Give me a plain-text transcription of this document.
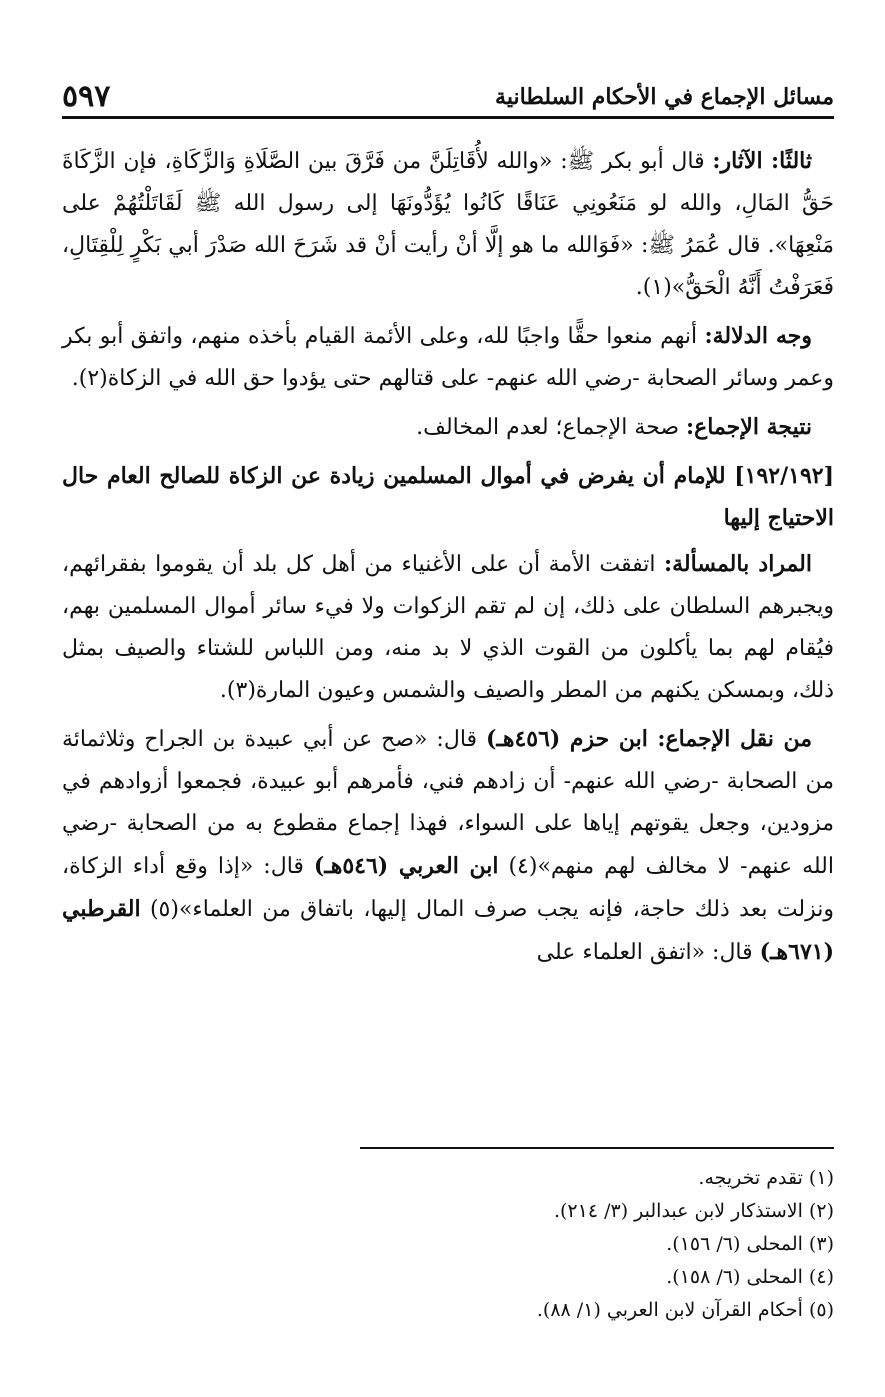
مسائل الإجماع في الأحكام السلطانية
٥٩٧

ثالثًا: الآثار: قال أبو بكر ﷺ: «والله لأُقَاتِلَنَّ من فَرَّقَ بين الصَّلَاةِ وَالزَّكَاةِ، فإن الزَّكَاةَ حَقُّ المَالِ، والله لو مَنَعُونِي عَنَاقًا كَانُوا يُؤَدُّونَهَا إلى رسول الله ﷺ لَقَاتَلْتُهُمْ على مَنْعِهَا». قال عُمَرُ ﷺ: «فَوَالله ما هو إلَّا أنْ رأيت أنْ قد شَرَحَ الله صَدْرَ أبي بَكْرٍ لِلْقِتَالِ، فَعَرَفْتُ أَنَّهُ الْحَقُّ»(١).

وجه الدلالة: أنهم منعوا حقًّا واجبًا لله، وعلى الأئمة القيام بأخذه منهم، واتفق أبو بكر وعمر وسائر الصحابة -رضي الله عنهم- على قتالهم حتى يؤدوا حق الله في الزكاة(٢).

نتيجة الإجماع: صحة الإجماع؛ لعدم المخالف.

[١٩٢/١٩٢] للإمام أن يفرض في أموال المسلمين زيادة عن الزكاة للصالح العام حال الاحتياج إليها

المراد بالمسألة: اتفقت الأمة أن على الأغنياء من أهل كل بلد أن يقوموا بفقرائهم، ويجبرهم السلطان على ذلك، إن لم تقم الزكوات ولا فيء سائر أموال المسلمين بهم، فيُقام لهم بما يأكلون من القوت الذي لا بد منه، ومن اللباس للشتاء والصيف بمثل ذلك، وبمسكن يكنهم من المطر والصيف والشمس وعيون المارة(٣).

من نقل الإجماع: ابن حزم (٤٥٦هـ) قال: «صح عن أبي عبيدة بن الجراح وثلاثمائة من الصحابة -رضي الله عنهم- أن زادهم فني، فأمرهم أبو عبيدة، فجمعوا أزوادهم في مزودين، وجعل يقوتهم إياها على السواء، فهذا إجماع مقطوع به من الصحابة -رضي الله عنهم- لا مخالف لهم منهم»(٤) ابن العربي (٥٤٦هـ) قال: «إذا وقع أداء الزكاة، ونزلت بعد ذلك حاجة، فإنه يجب صرف المال إليها، باتفاق من العلماء»(٥) القرطبي (٦٧١هـ) قال: «اتفق العلماء على

(١) تقدم تخريجه.

(٢) الاستذكار لابن عبدالبر (٣/ ٢١٤).

(٣) المحلى (٦/ ١٥٦).

(٤) المحلى (٦/ ١٥٨).

(٥) أحكام القرآن لابن العربي (١/ ٨٨).
